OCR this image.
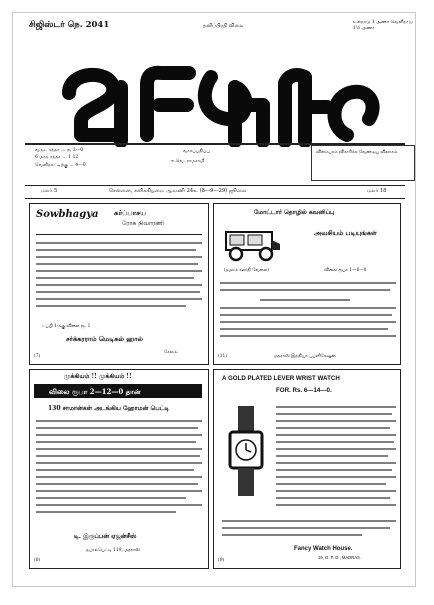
சிஜிஸ்டர் நெ. 2041	தனிப்பிரதி விலை
உள்நாடு 1 அணா வெளிநாடு 1½ அணா
குடி அரசு
வருட சந்தா ... ரூ 3—0
6 மாத சந்தா ... 1 12
வெளிநாட்டிற்கு ... 4—0
வாசப்பதிப்பு
ஈ.வெ. ராமசாமி
விளம்பரம் விசாரிக்க வேண்டிய விலாசம்
மலர் 5	சென்னை, சனிக்கிழமை ஆவணி 24உ (8—9—29) ஜூலை	மலர் 18
Sowbhagya கர்ப்பாசய
ரோக நிவாரணி
டப்பி 1-க்கு விலை ரூ. 1
சர்க்கரராம் மெடிகல் ஹால்
சேலம்.
(7)
மோட்டார் தொழில் கவனிப்பு
அவசியம் படியுங்கள்
(தமாம் ஊர்தி வேலை)	விலை ரூபா 1—6—0
(11)	மதராஸ் இந்தியா பப்ளிகேஷன்
முக்கியம் !! முக்கியம் !!
விலை ரூபா 2—12—0 தான்
130 சாமான்கள் அடங்கிய ஹோமன் பெட்டி
டி. இருப்பன் ஏஜன்சீஸ்
தபால்பெட்டி 119, மதராஸ்
(8)
A GOLD PLATED LEVER WRIST WATCH
FOR. Rs. 6—14—0.
Fancy Watch House.
19, G. P. O., MADRAS.
(9)
